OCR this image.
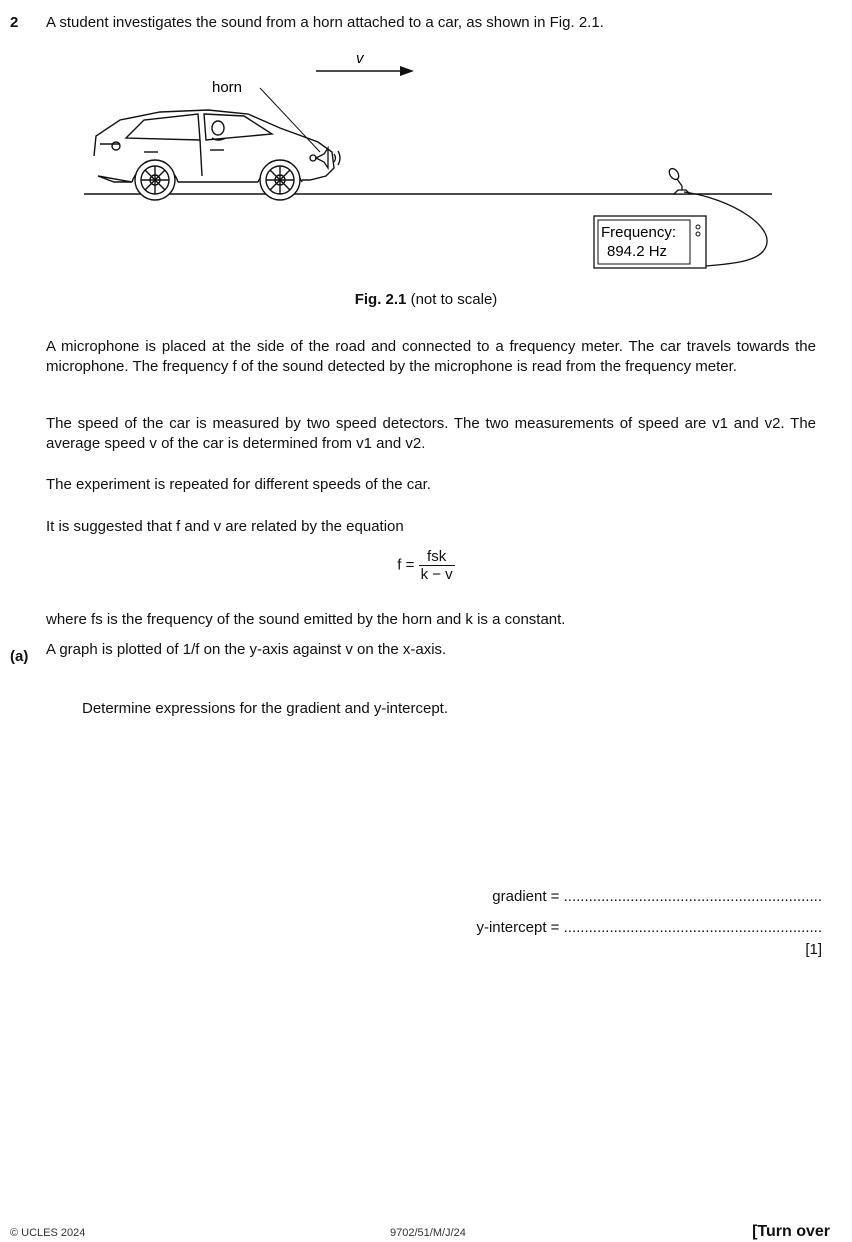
2 A student investigates the sound from a horn attached to a car, as shown in Fig. 2.1.
v
horn
Frequency:
894.2 Hz
Fig. 2.1 (not to scale)
A microphone is placed at the side of the road and connected to a frequency meter. The car travels towards the microphone. The frequency f of the sound detected by the microphone is read from the frequency meter.
The speed of the car is measured by two speed detectors. The two measurements of speed are v1 and v2. The average speed v of the car is determined from v1 and v2.
The experiment is repeated for different speeds of the car.
It is suggested that f and v are related by the equation
$f = \frac{\text{fsk}}{k - v}$
where fs is the frequency of the sound emitted by the horn and k is a constant.
(a) A graph is plotted of 1/f on the y-axis against v on the x-axis.
Determine expressions for the gradient and y-intercept.
gradient = ..............................................................
y-intercept = ..............................................................
[1]
© UCLES 2024	9702/51/M/J/24	[Turn over
